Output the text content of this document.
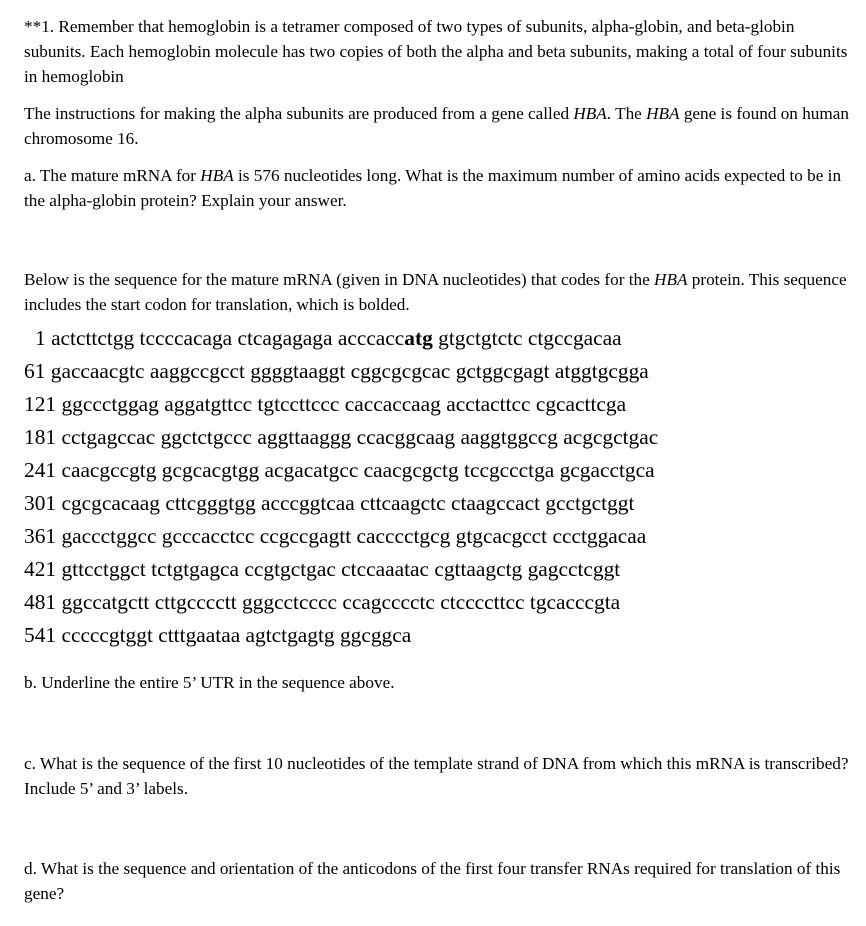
**1. Remember that hemoglobin is a tetramer composed of two types of subunits, alpha-globin, and beta-globin subunits. Each hemoglobin molecule has two copies of both the alpha and beta subunits, making a total of four subunits in hemoglobin

The instructions for making the alpha subunits are produced from a gene called HBA. The HBA gene is found on human chromosome 16.

a. The mature mRNA for HBA is 576 nucleotides long. What is the maximum number of amino acids expected to be in the alpha-globin protein? Explain your answer.

Below is the sequence for the mature mRNA (given in DNA nucleotides) that codes for the HBA protein. This sequence includes the start codon for translation, which is bolded.

1 actcttctgg tccccacaga ctcagagaga acccaccatg gtgctgtctc ctgccgacaa
61 gaccaacgtc aaggccgcct ggggtaaggt cggcgcgcac gctggcgagt atggtgcgga
121 ggccctggag aggatgttcc tgtccttccc caccaccaag acctacttcc cgcacttcga
181 cctgagccac ggctctgccc aggttaaggg ccacggcaag aaggtggccg acgcgctgac
241 caacgccgtg gcgcacgtgg acgacatgcc caacgcgctg tccgccctga gcgacctgca
301 cgcgcacaag cttcgggtgg acccggtcaa cttcaagctc ctaagccact gcctgctggt
361 gaccctggcc gcccacctcc ccgccgagtt cacccctgcg gtgcacgcct ccctggacaa
421 gttcctggct tctgtgagca ccgtgctgac ctccaaatac cgttaagctg gagcctcggt
481 ggccatgctt cttgcccctt gggcctcccc ccagcccctc ctccccttcc tgcacccgta
541 cccccgtggt ctttgaataa agtctgagtg ggcggca

b. Underline the entire 5’ UTR in the sequence above.

c. What is the sequence of the first 10 nucleotides of the template strand of DNA from which this mRNA is transcribed? Include 5’ and 3’ labels.

d. What is the sequence and orientation of the anticodons of the first four transfer RNAs required for translation of this gene?
